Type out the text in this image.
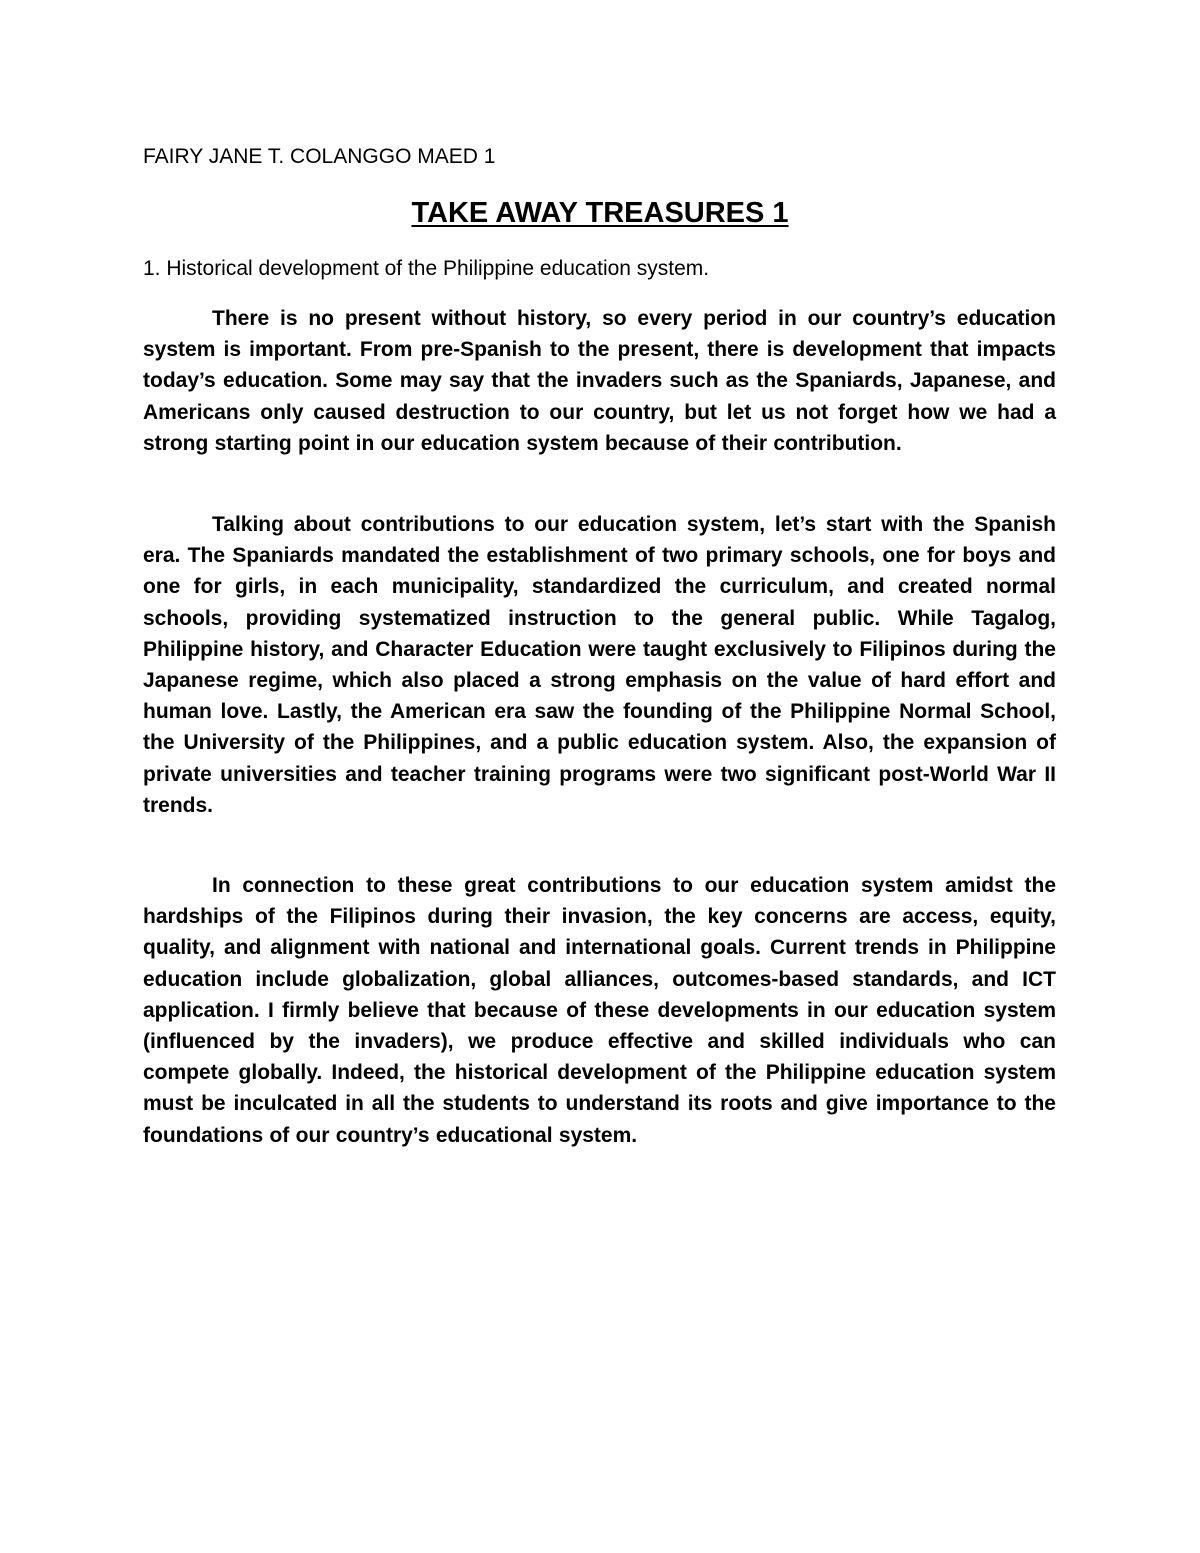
FAIRY JANE T. COLANGGO MAED 1
TAKE AWAY TREASURES 1
1. Historical development of the Philippine education system.

There is no present without history, so every period in our country’s education system is important. From pre-Spanish to the present, there is development that impacts today’s education. Some may say that the invaders such as the Spaniards, Japanese, and Americans only caused destruction to our country, but let us not forget how we had a strong starting point in our education system because of their contribution.

Talking about contributions to our education system, let’s start with the Spanish era. The Spaniards mandated the establishment of two primary schools, one for boys and one for girls, in each municipality, standardized the curriculum, and created normal schools, providing systematized instruction to the general public. While Tagalog, Philippine history, and Character Education were taught exclusively to Filipinos during the Japanese regime, which also placed a strong emphasis on the value of hard effort and human love. Lastly, the American era saw the founding of the Philippine Normal School, the University of the Philippines, and a public education system. Also, the expansion of private universities and teacher training programs were two significant post-World War II trends.

In connection to these great contributions to our education system amidst the hardships of the Filipinos during their invasion, the key concerns are access, equity, quality, and alignment with national and international goals. Current trends in Philippine education include globalization, global alliances, outcomes-based standards, and ICT application. I firmly believe that because of these developments in our education system (influenced by the invaders), we produce effective and skilled individuals who can compete globally. Indeed, the historical development of the Philippine education system must be inculcated in all the students to understand its roots and give importance to the foundations of our country’s educational system.
